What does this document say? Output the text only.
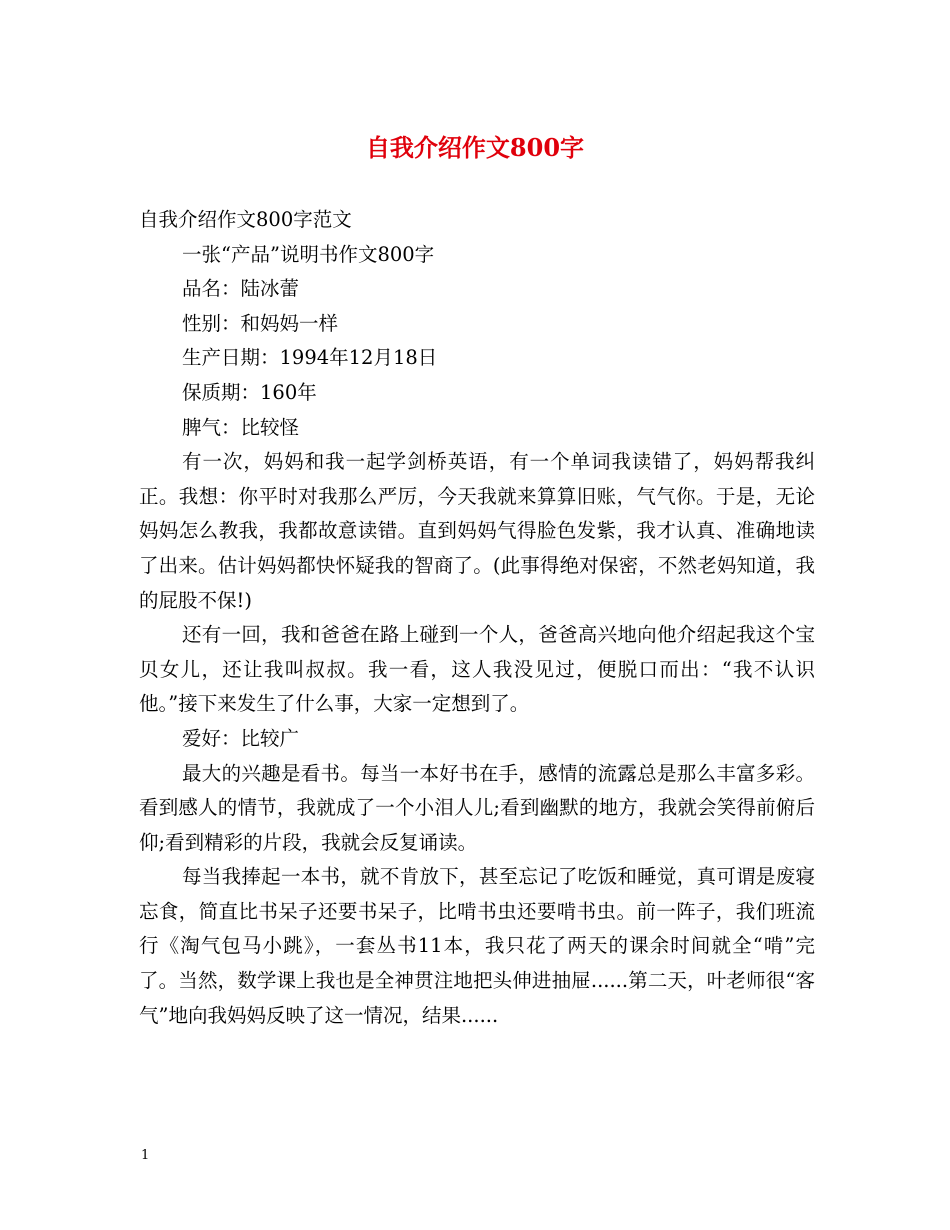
自我介绍作文800字

自我介绍作文800字范文

一张“产品”说明书作文800字

品名：陆冰蕾

性别：和妈妈一样

生产日期：1994年12月18日

保质期：160年

脾气：比较怪

有一次，妈妈和我一起学剑桥英语，有一个单词我读错了，妈妈帮我纠正。我想：你平时对我那么严厉，今天我就来算算旧账，气气你。于是，无论妈妈怎么教我，我都故意读错。直到妈妈气得脸色发紫，我才认真、准确地读了出来。估计妈妈都快怀疑我的智商了。(此事得绝对保密，不然老妈知道，我的屁股不保!)

还有一回，我和爸爸在路上碰到一个人，爸爸高兴地向他介绍起我这个宝贝女儿，还让我叫叔叔。我一看，这人我没见过，便脱口而出：“我不认识他。”接下来发生了什么事，大家一定想到了。

爱好：比较广

最大的兴趣是看书。每当一本好书在手，感情的流露总是那么丰富多彩。看到感人的情节，我就成了一个小泪人儿;看到幽默的地方，我就会笑得前俯后仰;看到精彩的片段，我就会反复诵读。

每当我捧起一本书，就不肯放下，甚至忘记了吃饭和睡觉，真可谓是废寝忘食，简直比书呆子还要书呆子，比啃书虫还要啃书虫。前一阵子，我们班流行《淘气包马小跳》，一套丛书11本，我只花了两天的课余时间就全“啃”完了。当然，数学课上我也是全神贯注地把头伸进抽屉......第二天，叶老师很“客气”地向我妈妈反映了这一情况，结果......

1
